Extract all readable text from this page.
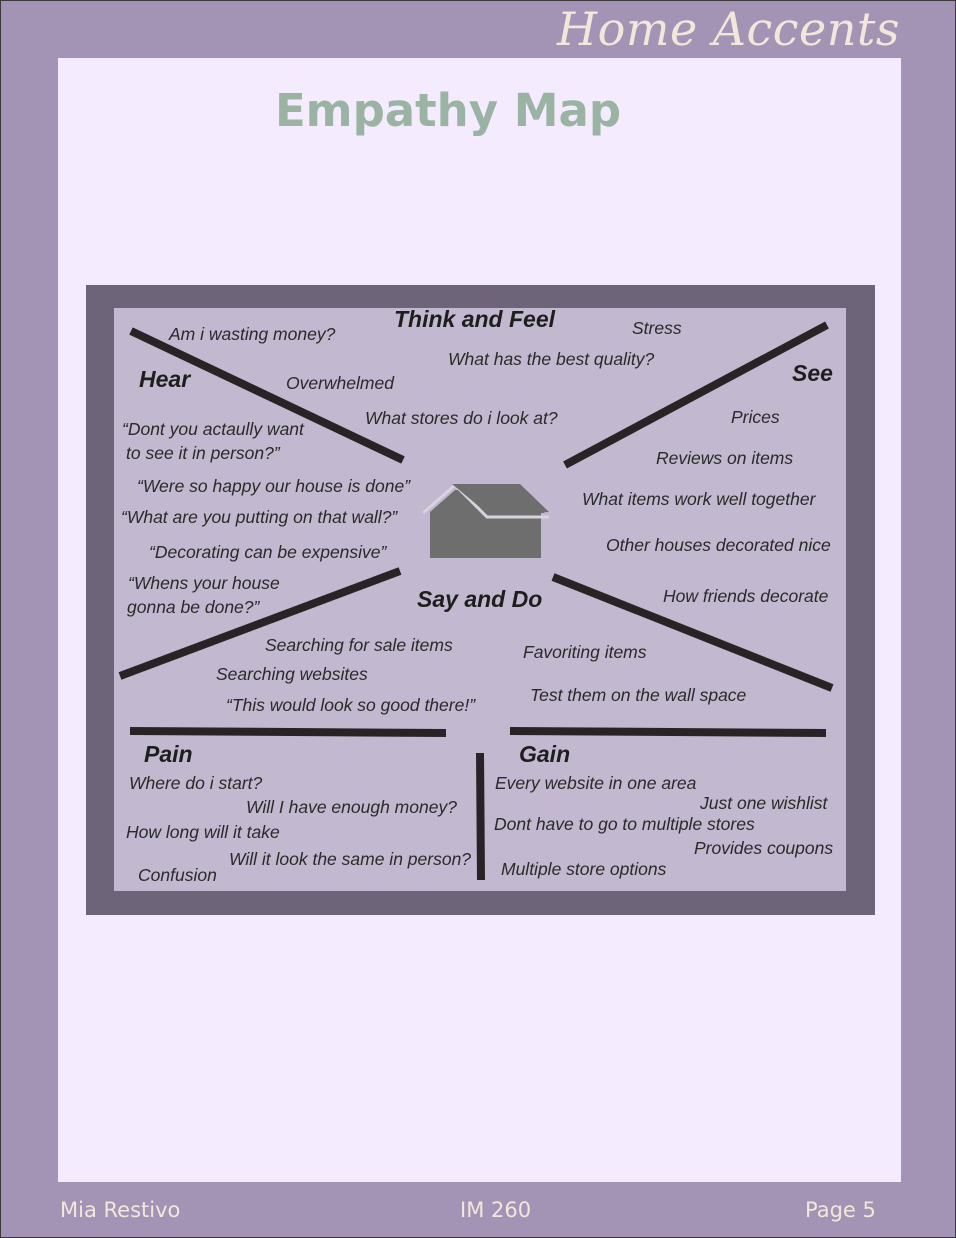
Home Accents
Empathy Map
Think and Feel
See
Hear
Say and Do
Pain	Gain
Am i wasting money?	Stress
What has the best quality?
Overwhelmed
What stores do i look at?	Prices
Reviews on items
What items work well together
Other houses decorated nice
How friends decorate
“Dont you actaully want
to see it in person?”
“Were so happy our house is done”
“What are you putting on that wall?”
“Decorating can be expensive”
“Whens your house
gonna be done?”
Searching for sale items
Searching websites
“This would look so good there!”
Favoriting items
Test them on the wall space
Where do i start?
Will I have enough money?
How long will it take
Will it look the same in person?
Confusion
Every website in one area
Just one wishlist
Dont have to go to multiple stores
Provides coupons
Multiple store options
Mia Restivo	IM 260	Page 5
